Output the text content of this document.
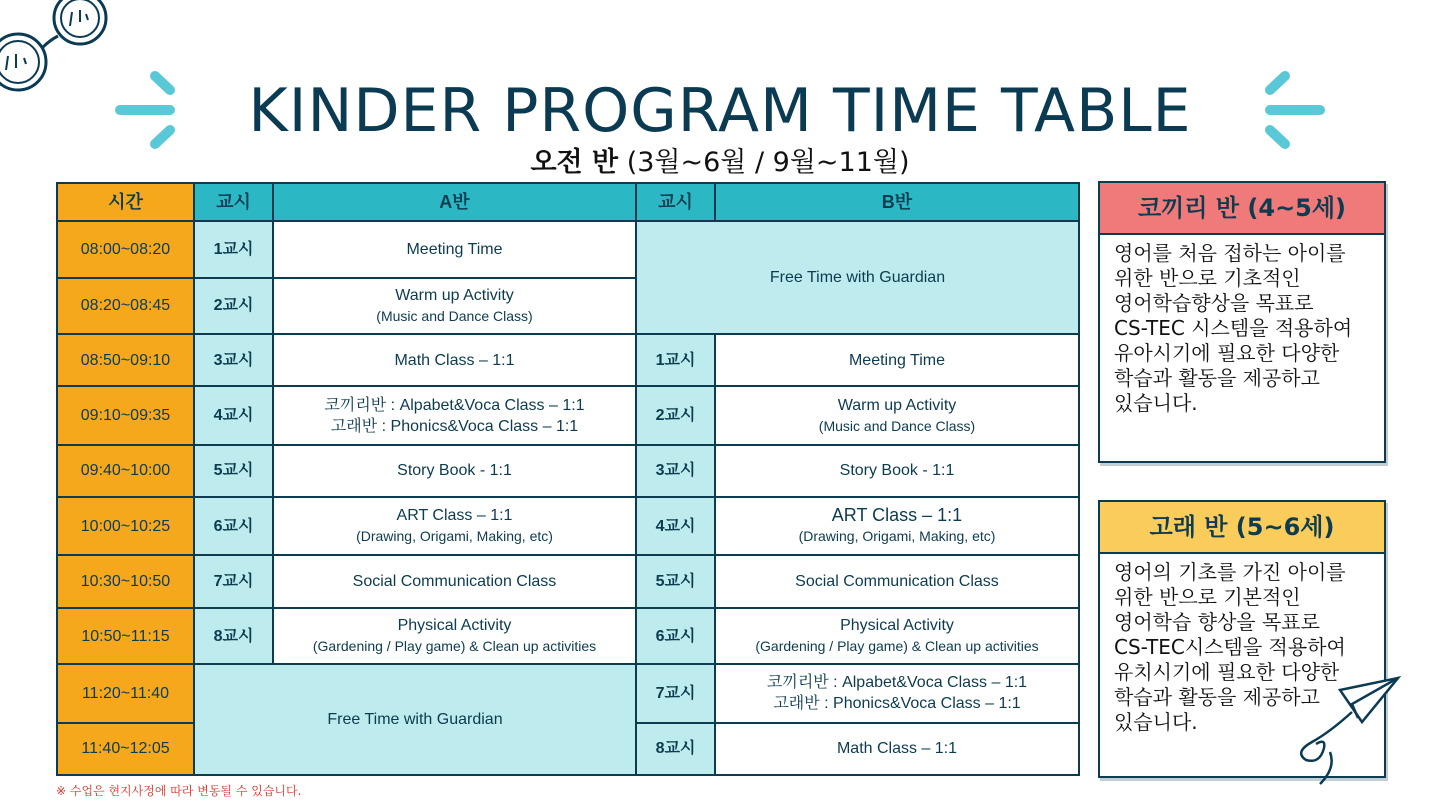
KINDER PROGRAM TIME TABLE
오전 반 (3월~6월 / 9월~11월)
시간	교시	A반	교시	B반
08:00~08:20	1교시	Meeting Time	Free Time with Guardian	
08:20~08:45	2교시	Warm up Activity
(Music and Dance Class)		

08:50~09:10	3교시	Math Class – 1:1	1교시	Meeting Time

09:10~09:35	4교시	코끼리반 : Alpabet&Voca Class – 1:1
고래반 : Phonics&Voca Class – 1:1	2교시	Warm up Activity
(Music and Dance Class)

09:40~10:00	5교시	Story Book - 1:1	3교시	Story Book - 1:1

10:00~10:25	6교시	ART Class – 1:1
(Drawing, Origami, Making, etc)	4교시	ART Class – 1:1
(Drawing, Origami, Making, etc)

10:30~10:50	7교시	Social Communication Class	5교시	Social Communication Class

10:50~11:15	8교시	Physical Activity
(Gardening / Play game) & Clean up activities	6교시	Physical Activity
(Gardening / Play game) & Clean up activities

11:20~11:40	Free Time with Guardian		7교시	코끼리반 : Alpabet&Voca Class – 1:1
고래반 : Phonics&Voca Class – 1:1

11:40~12:05			8교시	Math Class – 1:1
코끼리 반 (4~5세)
영어를 처음 접하는 아이를
위한 반으로 기초적인
영어학습향상을 목표로
CS-TEC 시스템을 적용하여
유아시기에 필요한 다양한
학습과 활동을 제공하고
있습니다.
고래 반 (5~6세)
영어의 기초를 가진 아이를
위한 반으로 기본적인
영어학습 향상을 목표로
CS-TEC시스템을 적용하여
유치시기에 필요한 다양한
학습과 활동을 제공하고
있습니다.
※ 수업은 현지사정에 따라 변동될 수 있습니다.
